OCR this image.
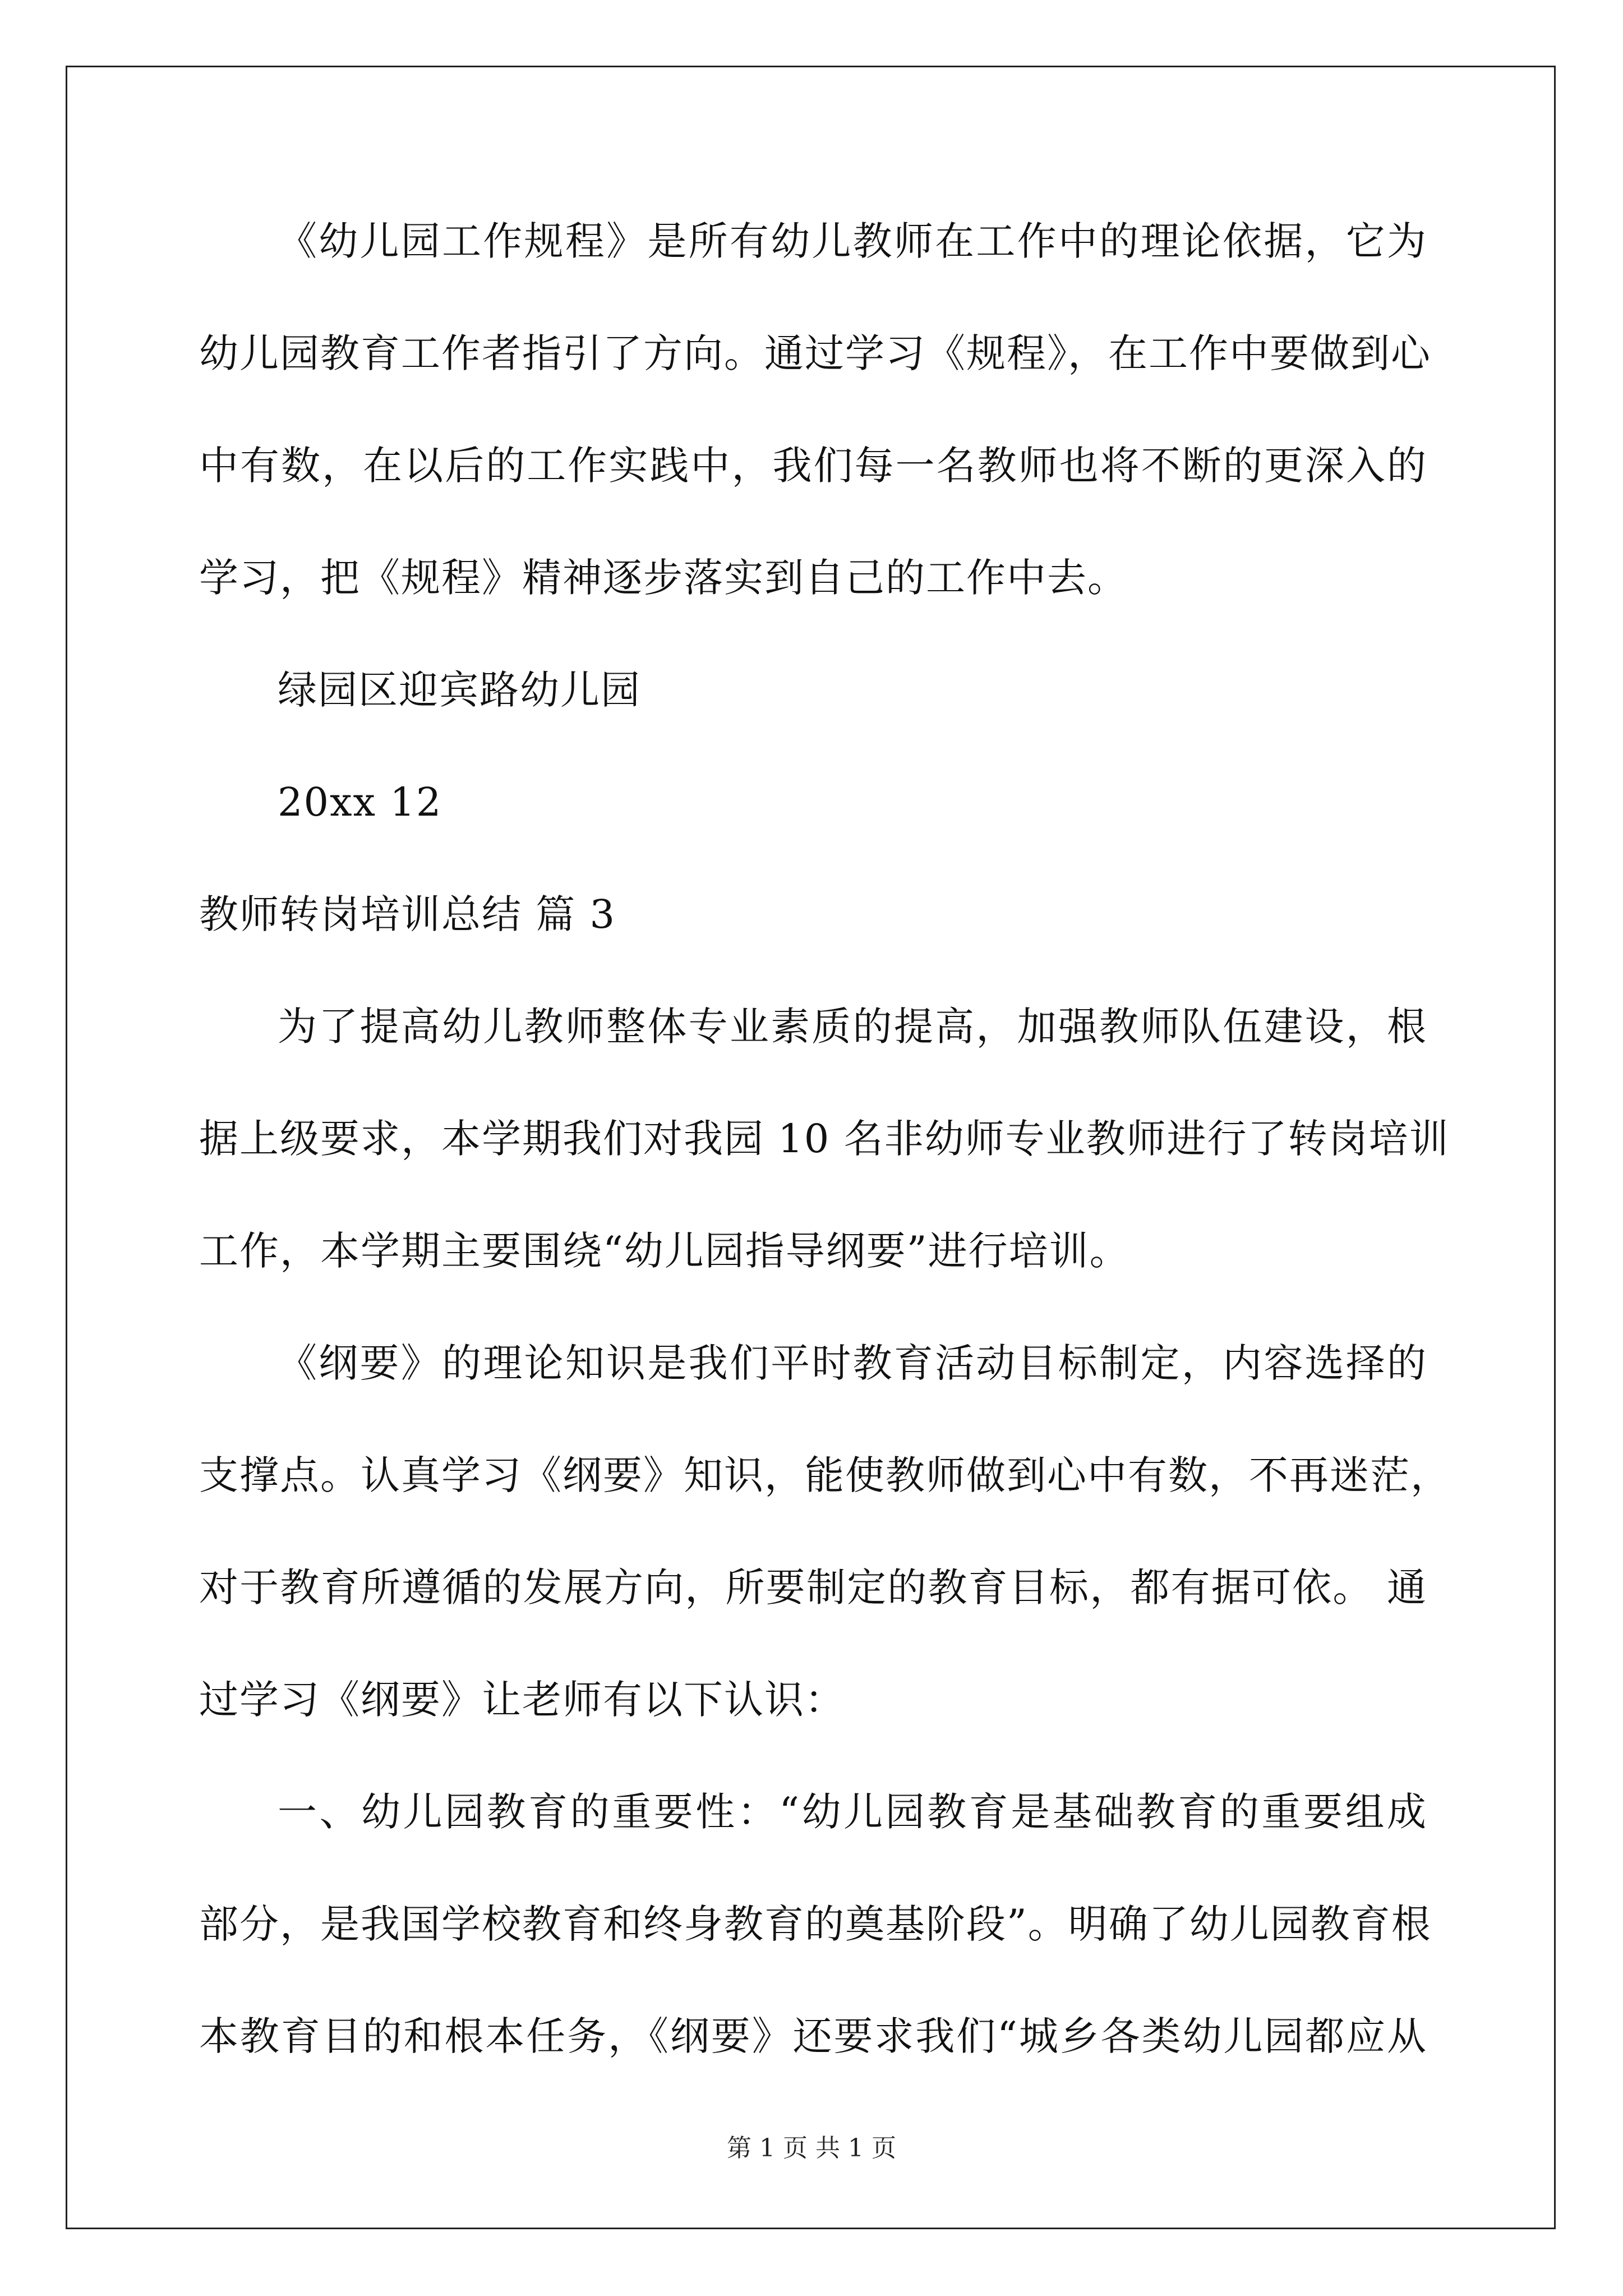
《幼儿园工作规程》是所有幼儿教师在工作中的理论依据，它为
幼儿园教育工作者指引了方向。通过学习《规程》，在工作中要做到心
中有数，在以后的工作实践中，我们每一名教师也将不断的更深入的
学习，把《规程》精神逐步落实到自己的工作中去。
绿园区迎宾路幼儿园
20xx 12
教师转岗培训总结 篇 3
为了提高幼儿教师整体专业素质的提高，加强教师队伍建设，根
据上级要求，本学期我们对我园 10 名非幼师专业教师进行了转岗培训
工作，本学期主要围绕“幼儿园指导纲要”进行培训。
《纲要》的理论知识是我们平时教育活动目标制定，内容选择的
支撑点。认真学习《纲要》知识，能使教师做到心中有数，不再迷茫，
对于教育所遵循的发展方向，所要制定的教育目标，都有据可依。 通
过学习《纲要》让老师有以下认识：
一、幼儿园教育的重要性：“幼儿园教育是基础教育的重要组成
部分，是我国学校教育和终身教育的奠基阶段”。明确了幼儿园教育根
本教育目的和根本任务，《纲要》还要求我们“城乡各类幼儿园都应从
第 1 页 共 1 页
